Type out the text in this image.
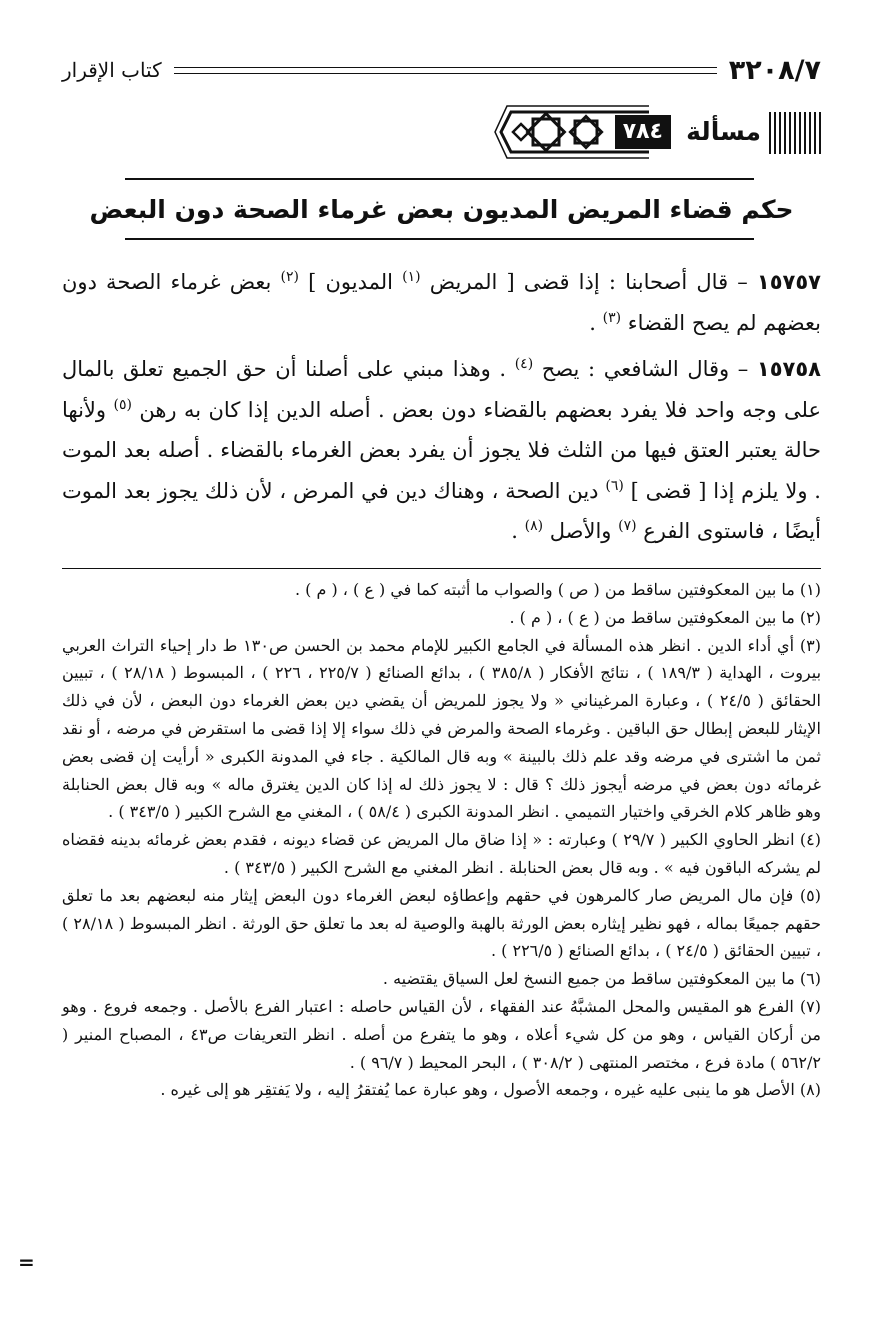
٣٢٠٨/٧
كتاب الإقرار
مسألة
٧٨٤
حكم قضاء المريض المديون بعض غرماء الصحة دون البعض

١٥٧٥٧ – قال أصحابنا : إذا قضى [ المريض $^{(١)}$ المديون ] $^{(٢)}$ بعض غرماء الصحة دون بعضهم لم يصح القضاء $^{(٣)}$ .

١٥٧٥٨ – وقال الشافعي : يصح $^{(٤)}$ . وهذا مبني على أصلنا أن حق الجميع تعلق بالمال على وجه واحد فلا يفرد بعضهم بالقضاء دون بعض . أصله الدين إذا كان به رهن $^{(٥)}$ ولأنها حالة يعتبر العتق فيها من الثلث فلا يجوز أن يفرد بعض الغرماء بالقضاء . أصله بعد الموت . ولا يلزم إذا [ قضى ] $^{(٦)}$ دين الصحة ، وهناك دين في المرض ، لأن ذلك يجوز بعد الموت أيضًا ، فاستوى الفرع $^{(٧)}$ والأصل $^{(٨)}$ .

(١) ما بين المعكوفتين ساقط من ( ص ) والصواب ما أثبته كما في ( ع ) ، ( م ) .

(٢) ما بين المعكوفتين ساقط من ( ع ) ، ( م ) .

(٣) أي أداء الدين . انظر هذه المسألة في الجامع الكبير للإمام محمد بن الحسن ص١٣٠ ط دار إحياء التراث العربي بيروت ، الهداية ( ١٨٩/٣ ) ، نتائج الأفكار ( ٣٨٥/٨ ) ، بدائع الصنائع ( ٢٢٥/٧ ، ٢٢٦ ) ، المبسوط ( ٢٨/١٨ ) ، تبيين الحقائق ( ٢٤/٥ ) ، وعبارة المرغيناني « ولا يجوز للمريض أن يقضي دين بعض الغرماء دون البعض ، لأن في ذلك الإيثار للبعض إبطال حق الباقين . وغرماء الصحة والمرض في ذلك سواء إلا إذا قضى ما استقرض في مرضه ، أو نقد ثمن ما اشترى في مرضه وقد علم ذلك بالبينة » وبه قال المالكية . جاء في المدونة الكبرى « أرأيت إن قضى بعض غرمائه دون بعض في مرضه أيجوز ذلك ؟ قال : لا يجوز ذلك له إذا كان الدين يغترق ماله » وبه قال بعض الحنابلة وهو ظاهر كلام الخرقي واختيار التميمي . انظر المدونة الكبرى ( ٥٨/٤ ) ، المغني مع الشرح الكبير ( ٣٤٣/٥ ) .

(٤) انظر الحاوي الكبير ( ٢٩/٧ ) وعبارته : « إذا ضاق مال المريض عن قضاء ديونه ، فقدم بعض غرمائه بدينه فقضاه لم يشركه الباقون فيه » . وبه قال بعض الحنابلة . انظر المغني مع الشرح الكبير ( ٣٤٣/٥ ) .

(٥) فإن مال المريض صار كالمرهون في حقهم وإعطاؤه لبعض الغرماء دون البعض إيثار منه لبعضهم بعد ما تعلق حقهم جميعًا بماله ، فهو نظير إيثاره بعض الورثة بالهبة والوصية له بعد ما تعلق حق الورثة . انظر المبسوط ( ٢٨/١٨ ) ، تبيين الحقائق ( ٢٤/٥ ) ، بدائع الصنائع ( ٢٢٦/٥ ) .

(٦) ما بين المعكوفتين ساقط من جميع النسخ لعل السياق يقتضيه .

(٧) الفرع هو المقيس والمحل المشبَّهُ عند الفقهاء ، لأن القياس حاصله : اعتبار الفرع بالأصل . وجمعه فروع . وهو من أركان القياس ، وهو من كل شيء أعلاه ، وهو ما يتفرع من أصله . انظر التعريفات ص٤٣ ، المصباح المنير ( ٥٦٢/٢ ) مادة فرع ، مختصر المنتهى ( ٣٠٨/٢ ) ، البحر المحيط ( ٩٦/٧ ) .

(٨) الأصل هو ما ينبى عليه غيره ، وجمعه الأصول ، وهو عبارة عما يُفتقرُ إليه ، ولا يَفتقِر هو إلى غيره .

=
